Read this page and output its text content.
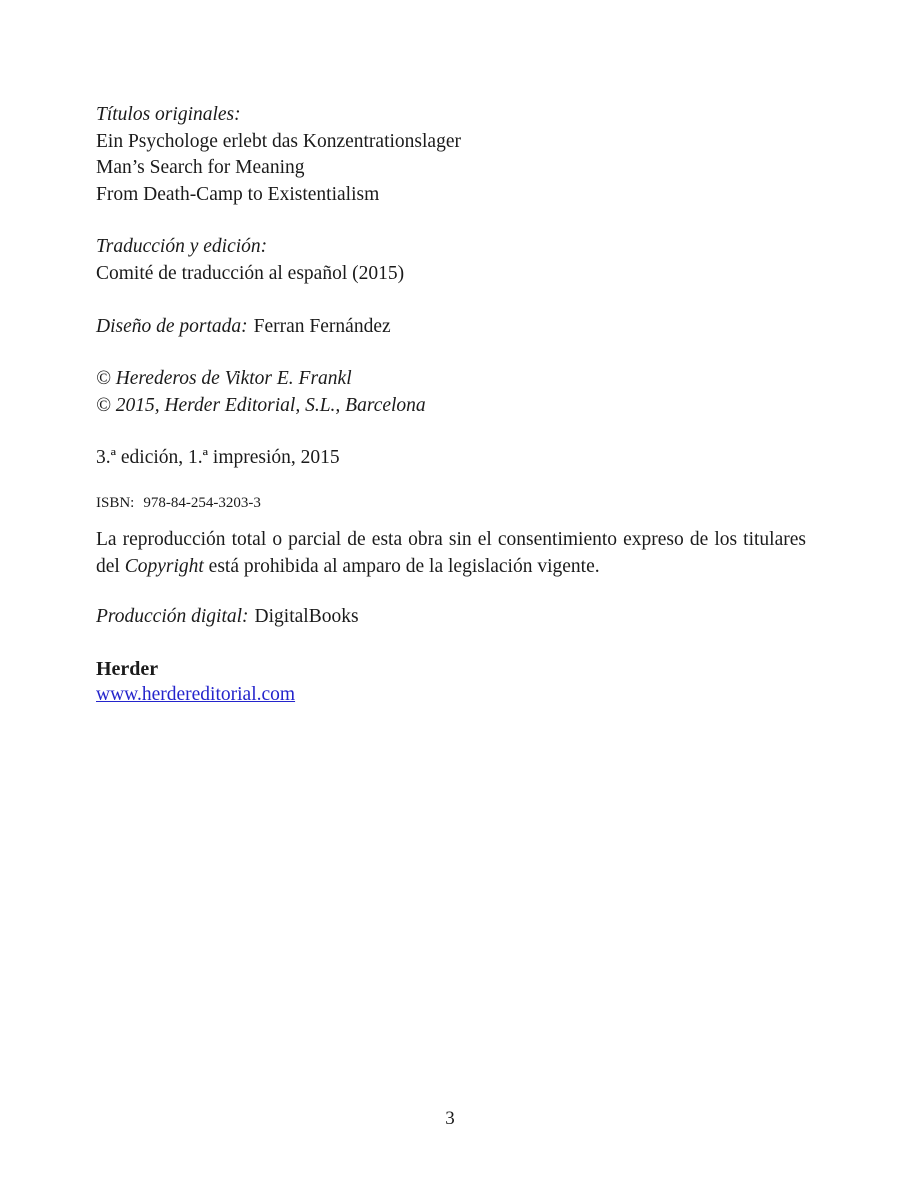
Títulos originales:
Ein Psychologe erlebt das Konzentrationslager
Man’s Search for Meaning
From Death-Camp to Existentialism
Traducción y edición:
Comité de traducción al español (2015)
Diseño de portada: Ferran Fernández
© Herederos de Viktor E. Frankl
© 2015, Herder Editorial, S.L., Barcelona
3.ª edición, 1.ª impresión, 2015
ISBN: 978-84-254-3203-3
La reproducción total o parcial de esta obra sin el consentimiento expreso de los titulares
del Copyright está prohibida al amparo de la legislación vigente.
Producción digital: DigitalBooks
Herder
www.herdereditorial.com
3
